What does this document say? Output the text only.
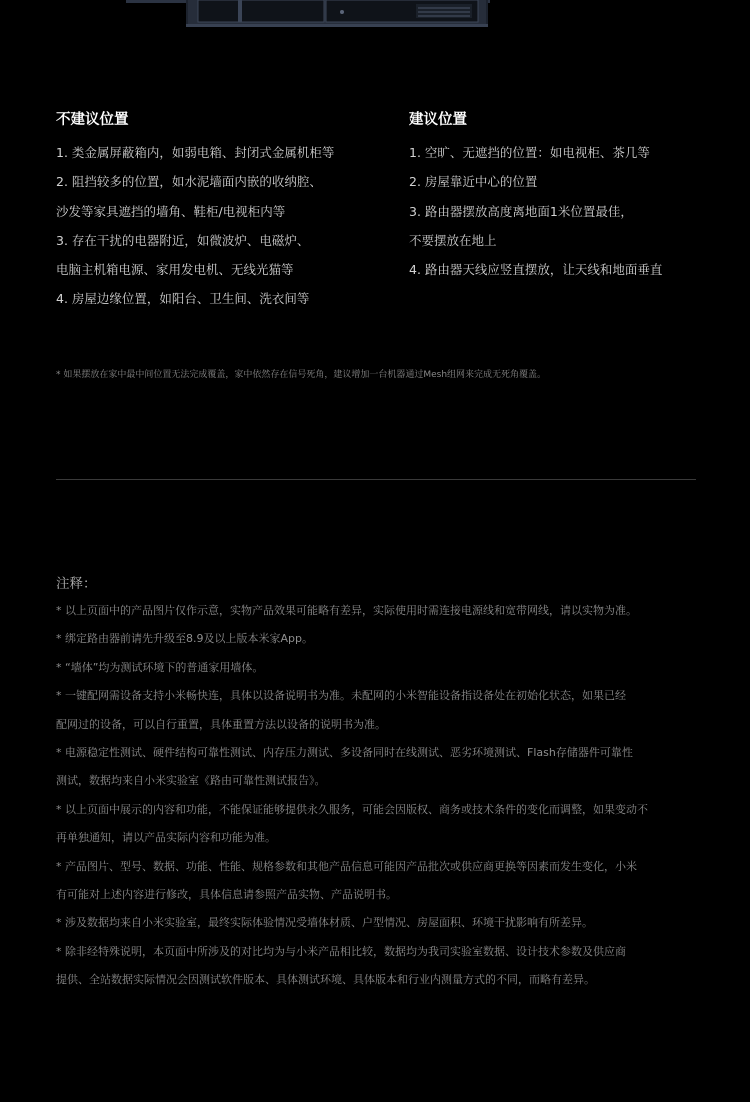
不建议位置
1. 类金属屏蔽箱内，如弱电箱、封闭式金属机柜等
2. 阻挡较多的位置，如水泥墙面内嵌的收纳腔、
沙发等家具遮挡的墙角、鞋柜/电视柜内等
3. 存在干扰的电器附近，如微波炉、电磁炉、
电脑主机箱电源、家用发电机、无线光猫等
4. 房屋边缘位置，如阳台、卫生间、洗衣间等
建议位置
1. 空旷、无遮挡的位置：如电视柜、茶几等
2. 房屋靠近中心的位置
3. 路由器摆放高度离地面1米位置最佳，
不要摆放在地上
4. 路由器天线应竖直摆放，让天线和地面垂直
* 如果摆放在家中最中间位置无法完成覆盖，家中依然存在信号死角，建议增加一台机器通过Mesh组网来完成无死角覆盖。
注释：
* 以上页面中的产品图片仅作示意，实物产品效果可能略有差异，实际使用时需连接电源线和宽带网线，请以实物为准。
* 绑定路由器前请先升级至8.9及以上版本米家App。
* “墙体”均为测试环境下的普通家用墙体。
* 一键配网需设备支持小米畅快连，具体以设备说明书为准。未配网的小米智能设备指设备处在初始化状态，如果已经
配网过的设备，可以自行重置，具体重置方法以设备的说明书为准。
* 电源稳定性测试、硬件结构可靠性测试、内存压力测试、多设备同时在线测试、恶劣环境测试、Flash存储器件可靠性
测试，数据均来自小米实验室《路由可靠性测试报告》。
* 以上页面中展示的内容和功能，不能保证能够提供永久服务，可能会因版权、商务或技术条件的变化而调整，如果变动不
再单独通知，请以产品实际内容和功能为准。
* 产品图片、型号、数据、功能、性能、规格参数和其他产品信息可能因产品批次或供应商更换等因素而发生变化，小米
有可能对上述内容进行修改，具体信息请参照产品实物、产品说明书。
* 涉及数据均来自小米实验室，最终实际体验情况受墙体材质、户型情况、房屋面积、环境干扰影响有所差异。
* 除非经特殊说明，本页面中所涉及的对比均为与小米产品相比较，数据均为我司实验室数据、设计技术参数及供应商
提供、全站数据实际情况会因测试软件版本、具体测试环境、具体版本和行业内测量方式的不同，而略有差异。
